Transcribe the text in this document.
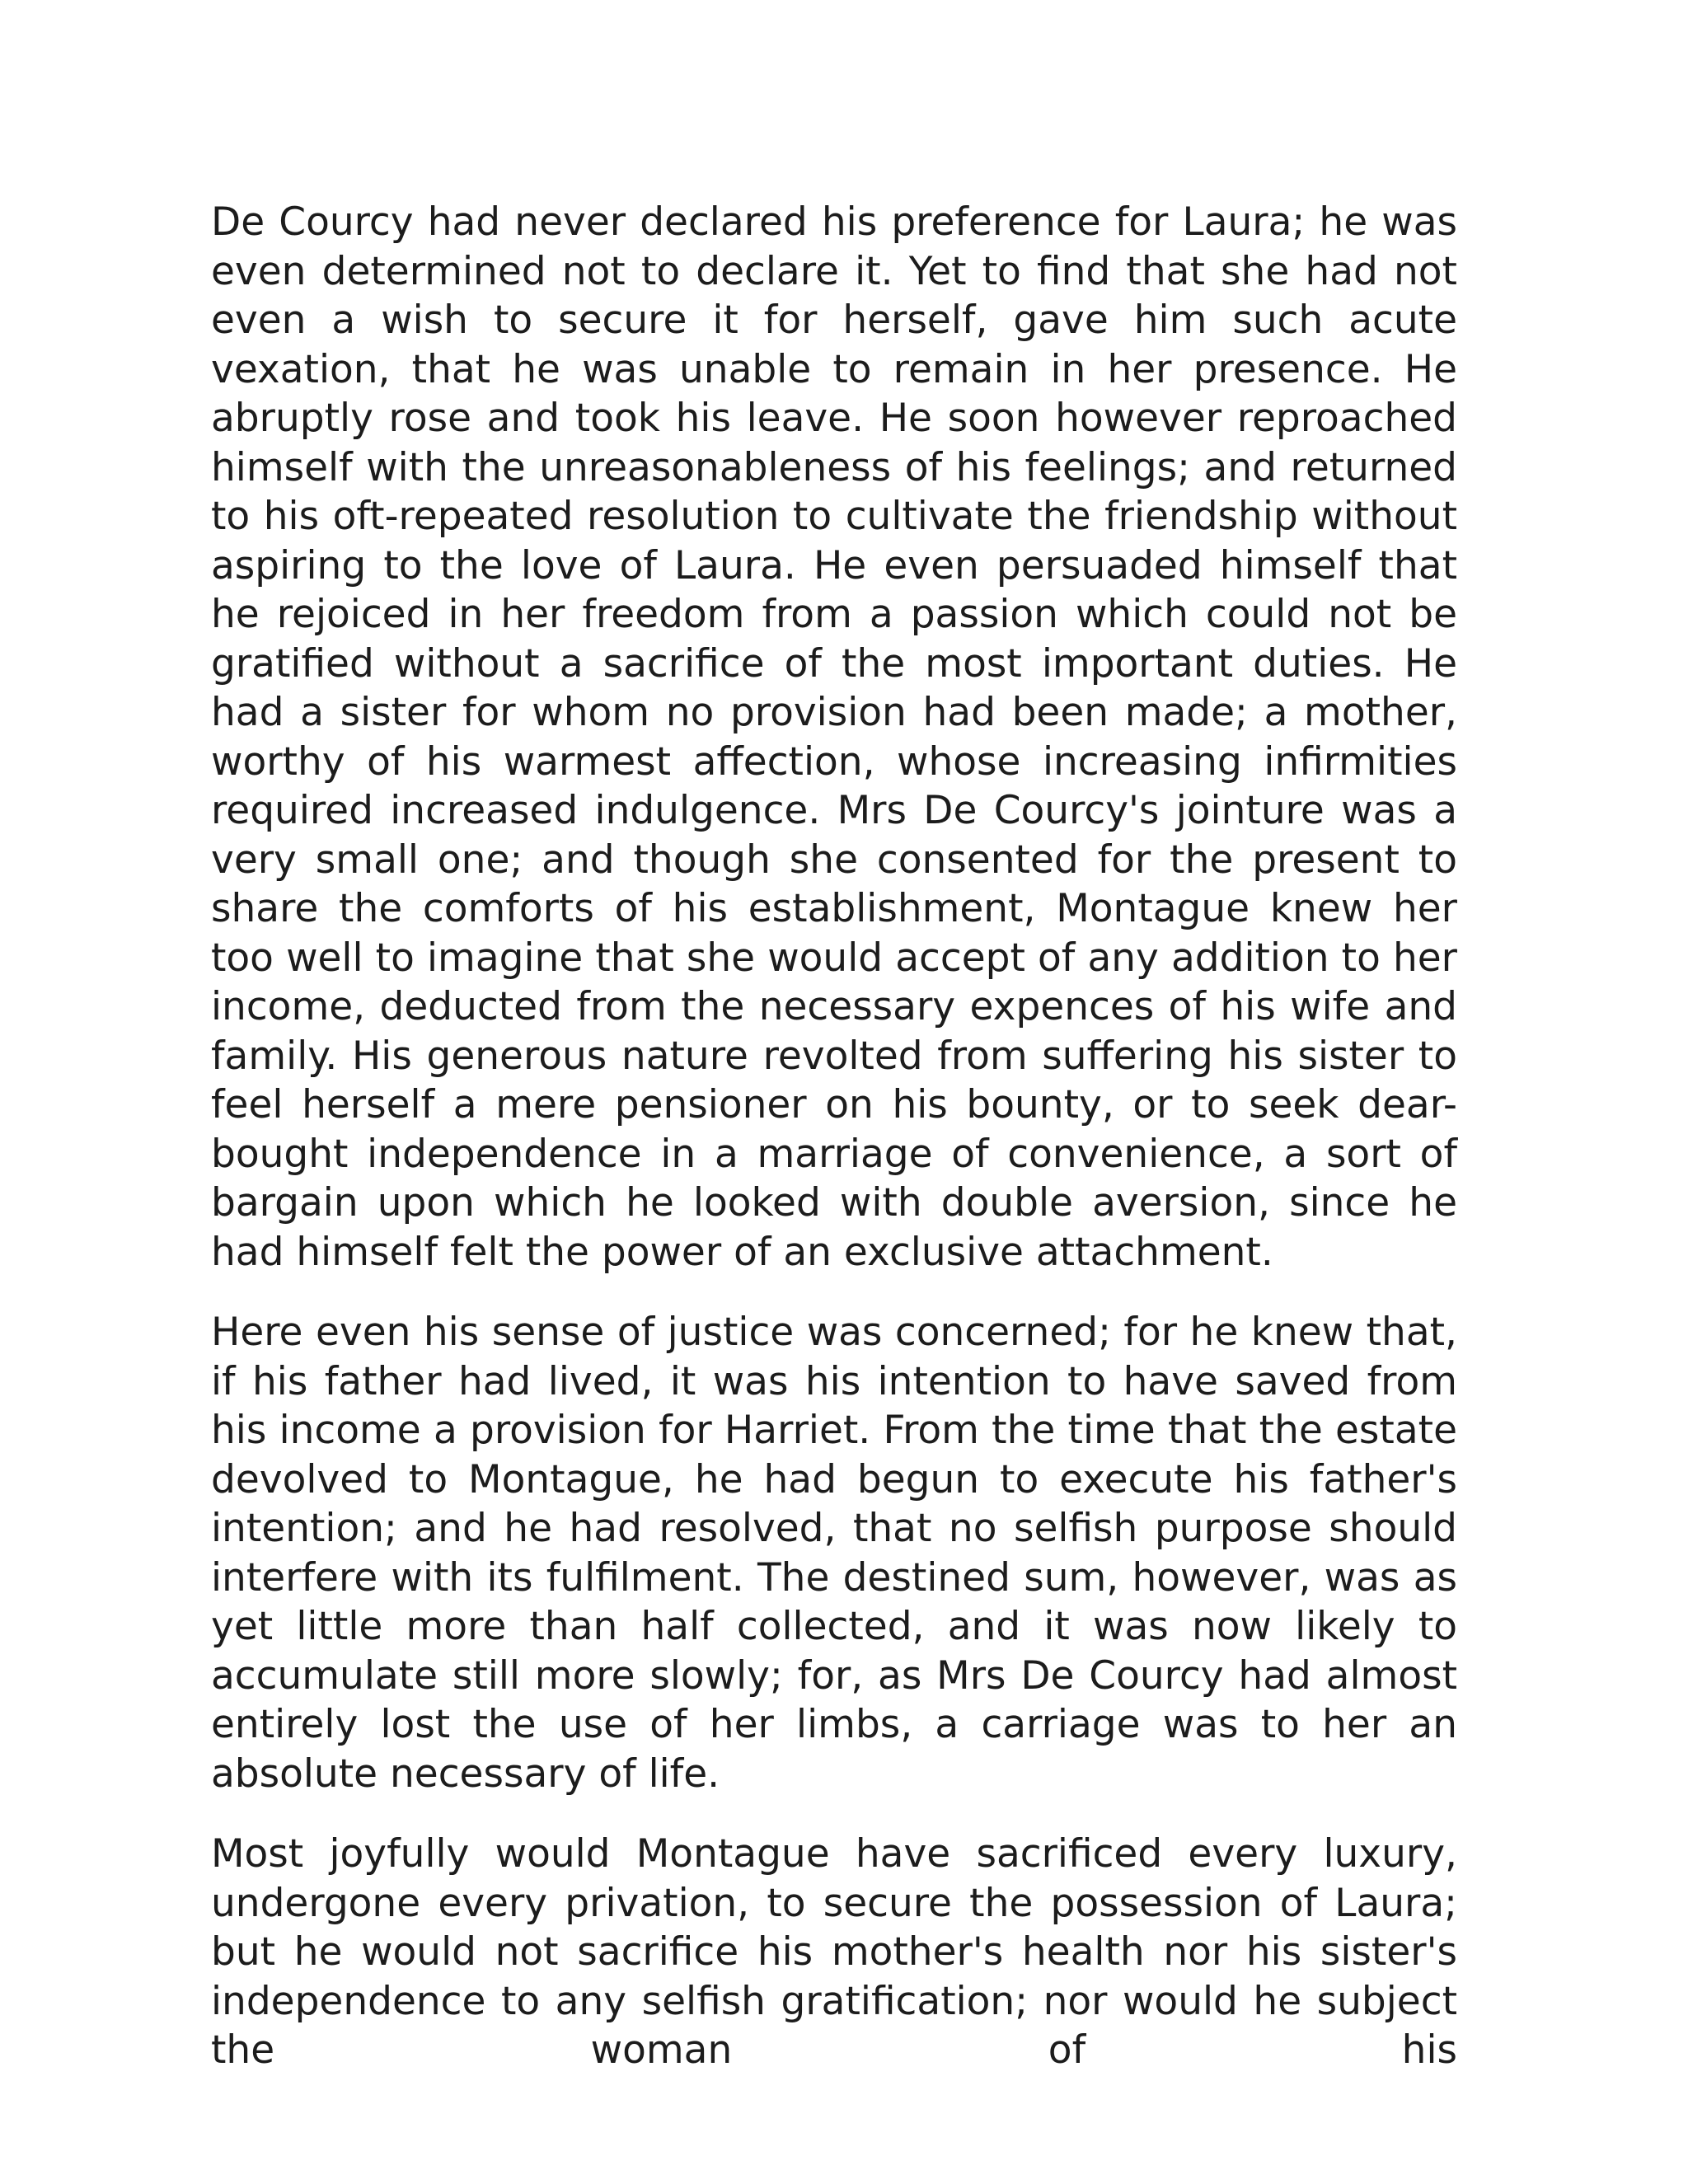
De Courcy had never declared his preference for Laura; he was even determined not to declare it. Yet to find that she had not even a wish to secure it for herself, gave him such acute vexation, that he was unable to remain in her presence. He abruptly rose and took his leave. He soon however reproached himself with the unreasonableness of his feelings; and returned to his oft-repeated resolution to cultivate the friendship without aspiring to the love of Laura. He even persuaded himself that he rejoiced in her freedom from a passion which could not be gratified without a sacrifice of the most important duties. He had a sister for whom no provision had been made; a mother, worthy of his warmest affection, whose increasing infirmities required increased indulgence. Mrs De Courcy's jointure was a very small one; and though she consented for the present to share the comforts of his establishment, Montague knew her too well to imagine that she would accept of any addition to her income, deducted from the necessary expences of his wife and family. His generous nature revolted from suffering his sister to feel herself a mere pensioner on his bounty, or to seek dear-bought independence in a marriage of convenience, a sort of bargain upon which he looked with double aversion, since he had himself felt the power of an exclusive attachment.

Here even his sense of justice was concerned; for he knew that, if his father had lived, it was his intention to have saved from his income a provision for Harriet. From the time that the estate devolved to Montague, he had begun to execute his father's intention; and he had resolved, that no selfish purpose should interfere with its fulfilment. The destined sum, however, was as yet little more than half collected, and it was now likely to accumulate still more slowly; for, as Mrs De Courcy had almost entirely lost the use of her limbs, a carriage was to her an absolute necessary of life.

Most joyfully would Montague have sacrificed every luxury, undergone every privation, to secure the possession of Laura; but he would not sacrifice his mother's health nor his sister's independence to any selfish gratification; nor would he subject the woman of his
